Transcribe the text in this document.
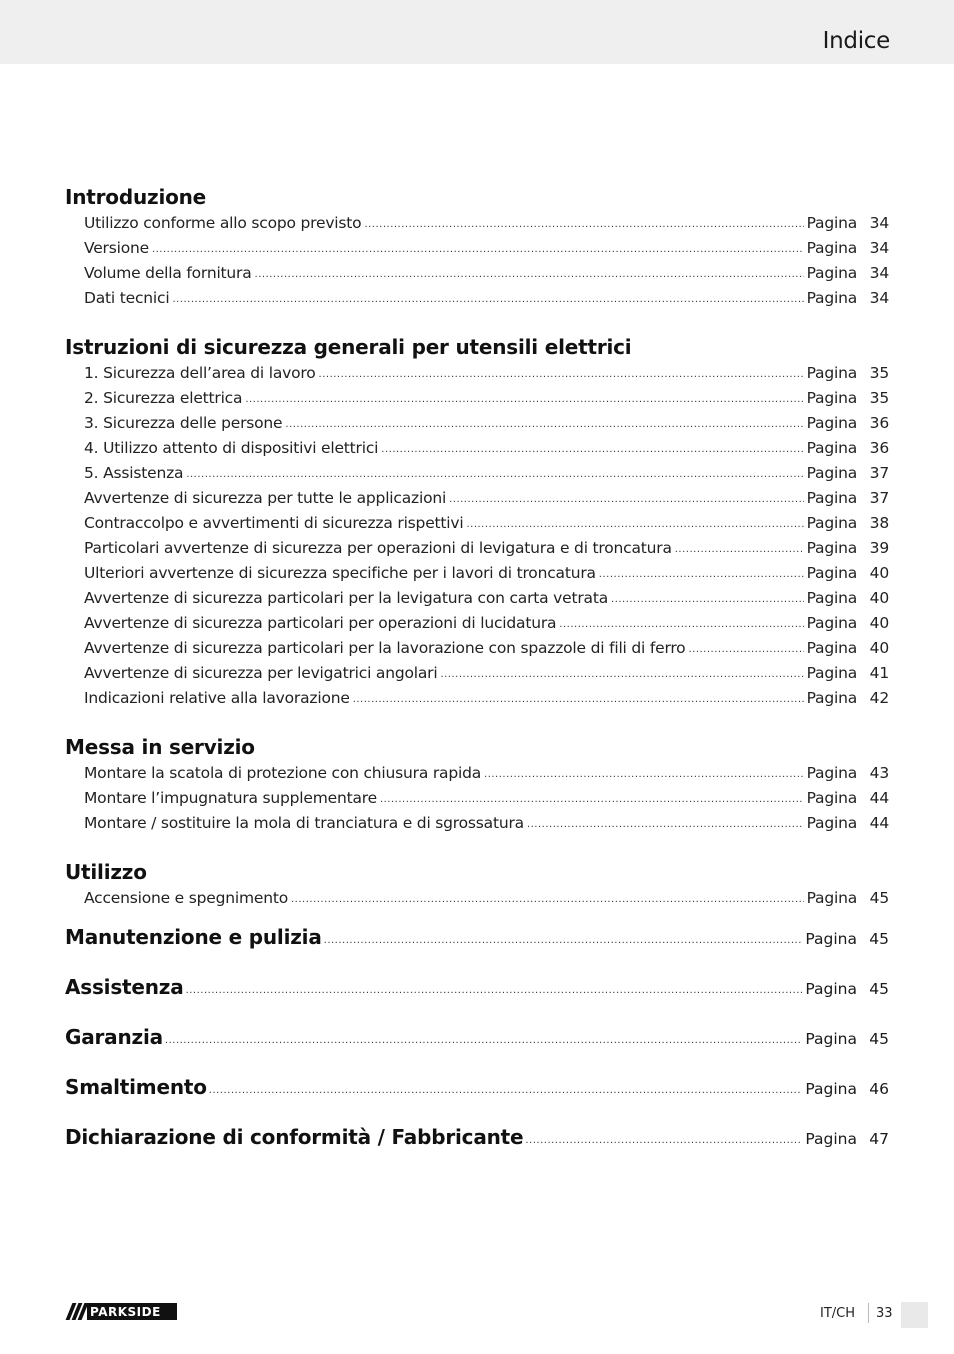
Indice
Introduzione
Utilizzo conforme allo scopo previsto .....	Pagina 34
Versione .....	Pagina 34
Volume della fornitura .....	Pagina 34
Dati tecnici .....	Pagina 34
Istruzioni di sicurezza generali per utensili elettrici
1. Sicurezza dell’area di lavoro .....	Pagina 35
2. Sicurezza elettrica .....	Pagina 35
3. Sicurezza delle persone .....	Pagina 36
4. Utilizzo attento di dispositivi elettrici .....	Pagina 36
5. Assistenza .....	Pagina 37
Avvertenze di sicurezza per tutte le applicazioni .....	Pagina 37
Contraccolpo e avvertimenti di sicurezza rispettivi .....	Pagina 38
Particolari avvertenze di sicurezza per operazioni di levigatura e di troncatura .....	Pagina 39
Ulteriori avvertenze di sicurezza specifiche per i lavori di troncatura .....	Pagina 40
Avvertenze di sicurezza particolari per la levigatura con carta vetrata .....	Pagina 40
Avvertenze di sicurezza particolari per operazioni di lucidatura .....	Pagina 40
Avvertenze di sicurezza particolari per la lavorazione con spazzole di fili di ferro .....	Pagina 40
Avvertenze di sicurezza per levigatrici angolari .....	Pagina 41
Indicazioni relative alla lavorazione .....	Pagina 42
Messa in servizio
Montare la scatola di protezione con chiusura rapida .....	Pagina 43
Montare l’impugnatura supplementare .....	Pagina 44
Montare / sostituire la mola di tranciatura e di sgrossatura .....	Pagina 44
Utilizzo
Accensione e spegnimento .....	Pagina 45
Manutenzione e pulizia .....	Pagina 45
Assistenza .....	Pagina 45
Garanzia .....	Pagina 45
Smaltimento .....	Pagina 46
Dichiarazione di conformità / Fabbricante .....	Pagina 47
PARKSIDE	IT/CH 33
